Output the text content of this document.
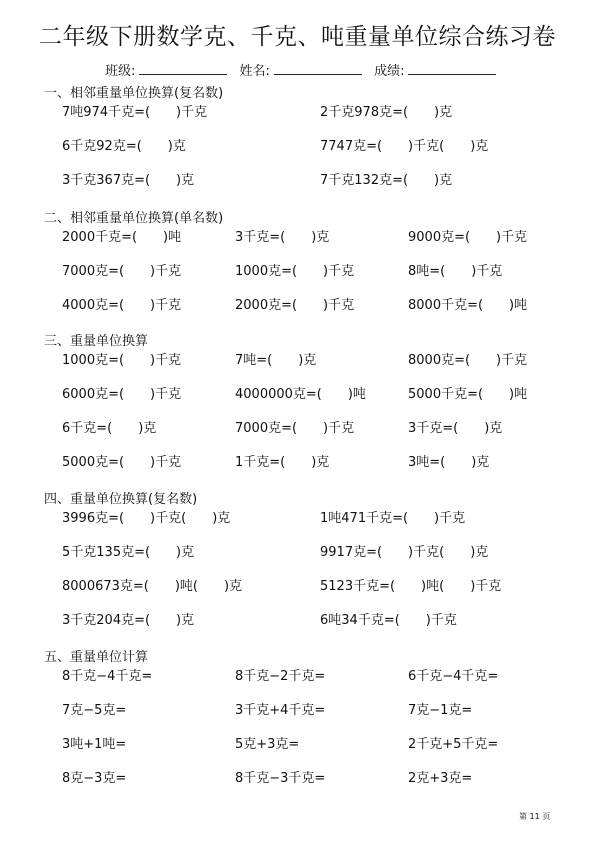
二年级下册数学克、千克、吨重量单位综合练习卷
班级:	姓名:	成绩:
一、相邻重量单位换算(复名数)
7吨974千克=(　　)千克	2千克978克=(　　)克
6千克92克=(　　)克	7747克=(　　)千克(　　)克
3千克367克=(　　)克	7千克132克=(　　)克
二、相邻重量单位换算(单名数)
2000千克=(　　)吨	3千克=(　　)克	9000克=(　　)千克
7000克=(　　)千克	1000克=(　　)千克	8吨=(　　)千克
4000克=(　　)千克	2000克=(　　)千克	8000千克=(　　)吨
三、重量单位换算
1000克=(　　)千克	7吨=(　　)克	8000克=(　　)千克
6000克=(　　)千克	4000000克=(　　)吨	5000千克=(　　)吨
6千克=(　　)克	7000克=(　　)千克	3千克=(　　)克
5000克=(　　)千克	1千克=(　　)克	3吨=(　　)克
四、重量单位换算(复名数)
3996克=(　　)千克(　　)克	1吨471千克=(　　)千克
5千克135克=(　　)克	9917克=(　　)千克(　　)克
8000673克=(　　)吨(　　)克	5123千克=(　　)吨(　　)千克
3千克204克=(　　)克	6吨34千克=(　　)千克
五、重量单位计算
8千克−4千克=	8千克−2千克=	6千克−4千克=
7克−5克=	3千克+4千克=	7克−1克=
3吨+1吨=	5克+3克=	2千克+5千克=
8克−3克=	8千克−3千克=	2克+3克=
第 11 页
